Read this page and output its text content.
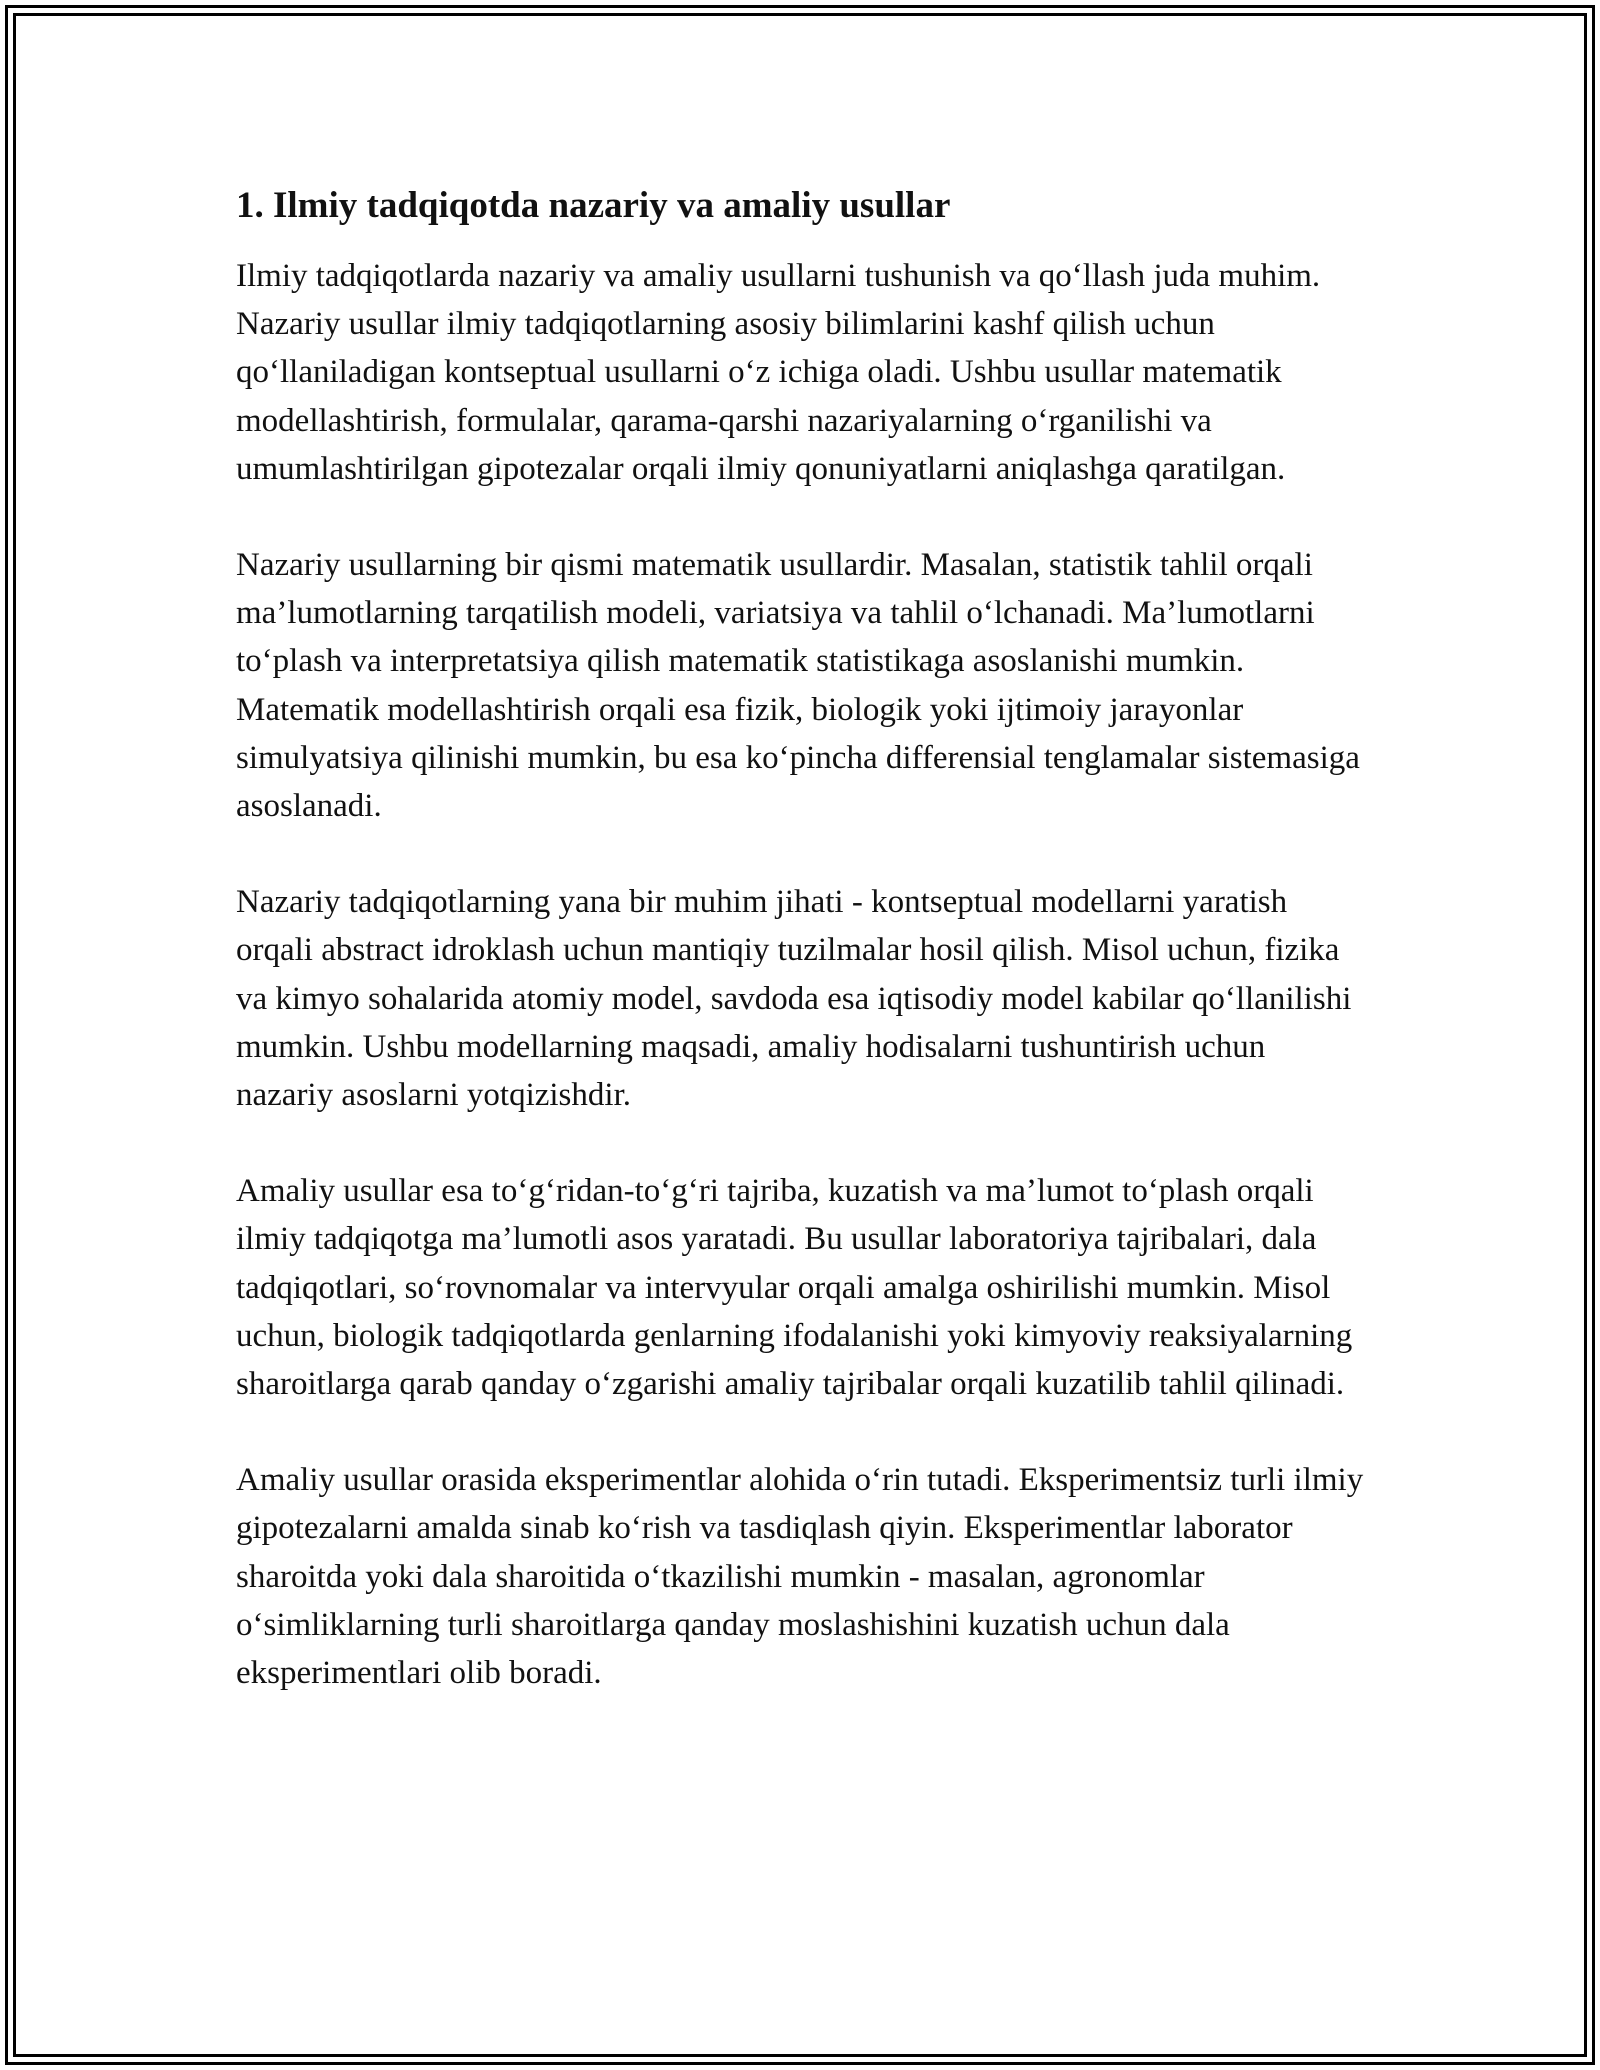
1. Ilmiy tadqiqotda nazariy va amaliy usullar

Ilmiy tadqiqotlarda nazariy va amaliy usullarni tushunish va qo‘llash juda muhim. Nazariy usullar ilmiy tadqiqotlarning asosiy bilimlarini kashf qilish uchun qo‘llaniladigan kontseptual usullarni o‘z ichiga oladi. Ushbu usullar matematik modellashtirish, formulalar, qarama-qarshi nazariyalarning o‘rganilishi va umumlashtirilgan gipotezalar orqali ilmiy qonuniyatlarni aniqlashga qaratilgan.

Nazariy usullarning bir qismi matematik usullardir. Masalan, statistik tahlil orqali ma’lumotlarning tarqatilish modeli, variatsiya va tahlil o‘lchanadi. Ma’lumotlarni to‘plash va interpretatsiya qilish matematik statistikaga asoslanishi mumkin. Matematik modellashtirish orqali esa fizik, biologik yoki ijtimoiy jarayonlar simulyatsiya qilinishi mumkin, bu esa ko‘pincha differensial tenglamalar sistemasiga asoslanadi.

Nazariy tadqiqotlarning yana bir muhim jihati - kontseptual modellarni yaratish orqali abstract idroklash uchun mantiqiy tuzilmalar hosil qilish. Misol uchun, fizika va kimyo sohalarida atomiy model, savdoda esa iqtisodiy model kabilar qo‘llanilishi mumkin. Ushbu modellarning maqsadi, amaliy hodisalarni tushuntirish uchun nazariy asoslarni yotqizishdir.

Amaliy usullar esa to‘g‘ridan-to‘g‘ri tajriba, kuzatish va ma’lumot to‘plash orqali ilmiy tadqiqotga ma’lumotli asos yaratadi. Bu usullar laboratoriya tajribalari, dala tadqiqotlari, so‘rovnomalar va intervyular orqali amalga oshirilishi mumkin. Misol uchun, biologik tadqiqotlarda genlarning ifodalanishi yoki kimyoviy reaksiyalarning sharoitlarga qarab qanday o‘zgarishi amaliy tajribalar orqali kuzatilib tahlil qilinadi.

Amaliy usullar orasida eksperimentlar alohida o‘rin tutadi. Eksperimentsiz turli ilmiy gipotezalarni amalda sinab ko‘rish va tasdiqlash qiyin. Eksperimentlar laborator sharoitda yoki dala sharoitida o‘tkazilishi mumkin - masalan, agronomlar o‘simliklarning turli sharoitlarga qanday moslashishini kuzatish uchun dala eksperimentlari olib boradi.
